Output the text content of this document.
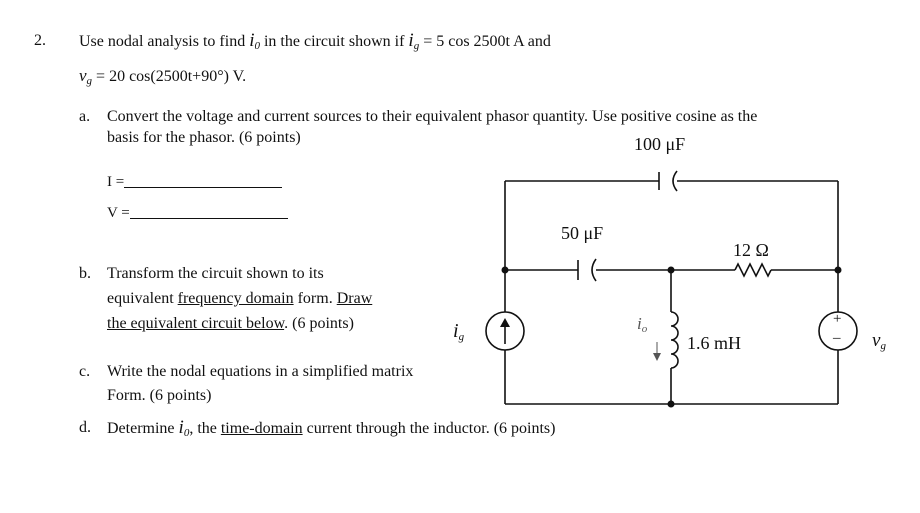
2. Use nodal analysis to find $i_0$ in the circuit shown if $i_g = 5$ cos 2500t A and
$v_g = 20$ cos(2500t+90°) V.
a. Convert the voltage and current sources to their equivalent phasor quantity. Use positive cosine as the
basis for the phasor. (6 points)
I =
V =
b. Transform the circuit shown to its
equivalent frequency domain form. Draw
the equivalent circuit below. (6 points)
c. Write the nodal equations in a simplified matrix
Form. (6 points)
d. Determine $i_0$, the time-domain current through the inductor. (6 points)
100 μF
50 μF
12 Ω
1.6 mH
$i_g$
$i_o$
$v_g$
+
–
